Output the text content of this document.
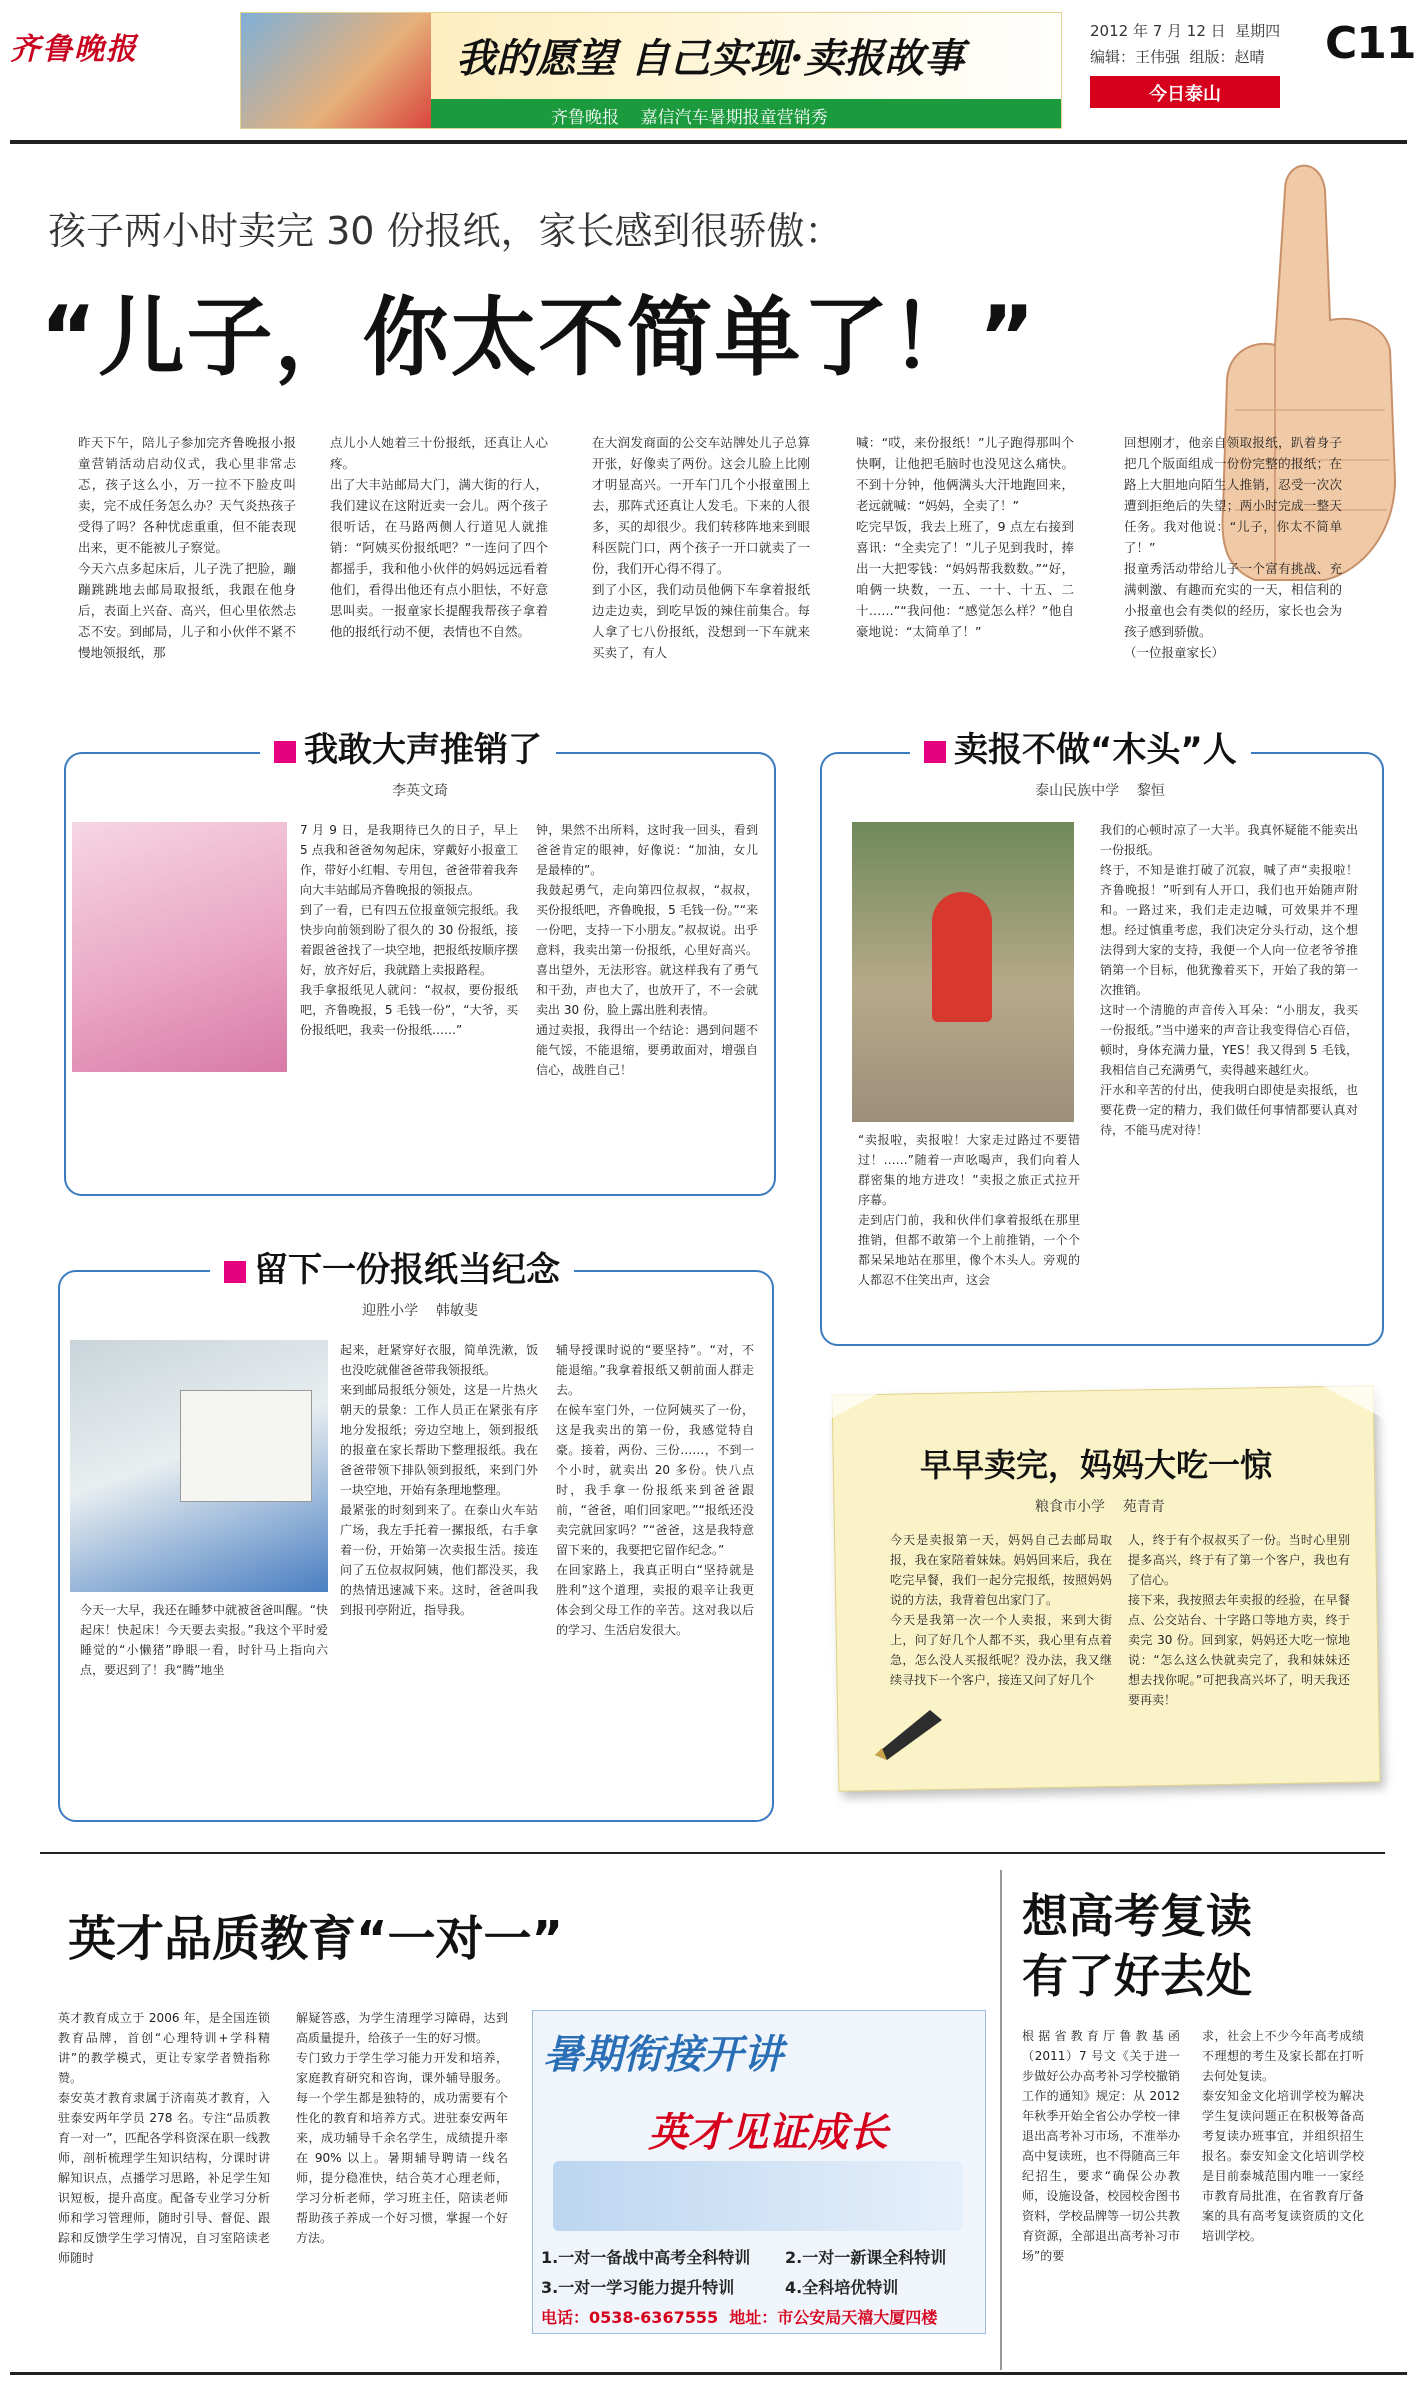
齐鲁晚报	我的愿望 自己实现·卖报故事
齐鲁晚报    嘉信汽车暑期报童营销秀
2012 年 7 月 12 日  星期四
编辑：王伟强  组版：赵晴
今日泰山
C11
孩子两小时卖完 30 份报纸，家长感到很骄傲：
“儿子，你太不简单了！”
昨天下午，陪儿子参加完齐鲁晚报小报童营销活动启动仪式，我心里非常忐忑，孩子这么小，万一拉不下脸皮叫卖，完不成任务怎么办？天气炎热孩子受得了吗？各种忧虑重重，但不能表现出来，更不能被儿子察觉。
今天六点多起床后，儿子洗了把脸，蹦蹦跳跳地去邮局取报纸，我跟在他身后，表面上兴奋、高兴，但心里依然忐忑不安。到邮局，儿子和小伙伴不紧不慢地领报纸，那
点儿小人她着三十份报纸，还真让人心疼。
出了大丰站邮局大门，满大街的行人，我们建议在这附近卖一会儿。两个孩子很听话，在马路两侧人行道见人就推销：“阿姨买份报纸吧？”一连问了四个都摇手，我和他小伙伴的妈妈远远看着他们，看得出他还有点小胆怯，不好意思叫卖。一报童家长提醒我帮孩子拿着他的报纸行动不便，表情也不自然。
在大润发商面的公交车站牌处儿子总算开张，好像卖了两份。这会儿脸上比刚才明显高兴。一开车门几个小报童围上去，那阵式还真让人发毛。下来的人很多，买的却很少。我们转移阵地来到眼科医院门口，两个孩子一开口就卖了一份，我们开心得不得了。
到了小区，我们动员他俩下车拿着报纸边走边卖，到吃早饭的辣住前集合。每人拿了七八份报纸，没想到一下车就来买卖了，有人
喊：“哎，来份报纸！”儿子跑得那叫个快啊，让他把毛脑时也没见这么痛快。不到十分钟，他俩满头大汗地跑回来，老远就喊：“妈妈，全卖了！”
吃完早饭，我去上班了，9 点左右接到喜讯：“全卖完了！”儿子见到我时，捧出一大把零钱：“妈妈帮我数数。”“好，咱俩一块数，一五、一十、十五、二十……”“我问他：“感觉怎么样？”他自豪地说：“太简单了！”
回想刚才，他亲自领取报纸，趴着身子把几个版面组成一份份完整的报纸；在路上大胆地向陌生人推销，忍受一次次遭到拒绝后的失望；两小时完成一整天任务。我对他说：“儿子，你太不简单了！”
报童秀活动带给儿子一个富有挑战、充满刺激、有趣而充实的一天，相信利的小报童也会有类似的经历，家长也会为孩子感到骄傲。
（一位报童家长）
我敢大声推销了
李英文琦
7 月 9 日，是我期待已久的日子，早上 5 点我和爸爸匆匆起床，穿戴好小报童工作，带好小红帽、专用包，爸爸带着我奔向大丰站邮局齐鲁晚报的领报点。
到了一看，已有四五位报童领完报纸。我快步向前领到盼了很久的 30 份报纸，接着跟爸爸找了一块空地，把报纸按顺序摆好，放齐好后，我就踏上卖报路程。
我手拿报纸见人就问：“叔叔，要份报纸吧，齐鲁晚报，5 毛钱一份”，“大爷，买份报纸吧，我卖一份报纸……”
钟，果然不出所料，这时我一回头，看到爸爸肯定的眼神，好像说：“加油，女儿是最棒的”。
我鼓起勇气，走向第四位叔叔，“叔叔，买份报纸吧，齐鲁晚报，5 毛钱一份。”“来一份吧，支持一下小朋友。”叔叔说。出乎意料，我卖出第一份报纸，心里好高兴。喜出望外，无法形容。就这样我有了勇气和干劲，声也大了，也放开了，不一会就卖出 30 份，脸上露出胜利表情。
通过卖报，我得出一个结论：遇到问题不能气馁，不能退缩，要勇敢面对，增强自信心，战胜自己！
卖报不做“木头”人
泰山民族中学    黎恒
“卖报啦，卖报啦！大家走过路过不要错过！……”随着一声吆喝声，我们向着人群密集的地方进攻！”卖报之旅正式拉开序幕。
走到店门前，我和伙伴们拿着报纸在那里推销，但都不敢第一个上前推销，一个个都呆呆地站在那里，像个木头人。旁观的人都忍不住笑出声，这会
我们的心顿时凉了一大半。我真怀疑能不能卖出一份报纸。
终于，不知是谁打破了沉寂，喊了声“卖报啦！齐鲁晚报！”听到有人开口，我们也开始随声附和。一路过来，我们走走边喊，可效果并不理想。经过慎重考虑，我们决定分头行动，这个想法得到大家的支持，我便一个人向一位老爷爷推销第一个目标，他犹豫着买下，开始了我的第一次推销。
这时一个清脆的声音传入耳朵：“小朋友，我买一份报纸。”当中递来的声音让我变得信心百倍，顿时，身体充满力量，YES！我又得到 5 毛钱，我相信自己充满勇气，卖得越来越红火。
汗水和辛苦的付出，使我明白即使是卖报纸，也要花费一定的精力，我们做任何事情都要认真对待，不能马虎对待！
留下一份报纸当纪念
迎胜小学    韩敏斐
今天一大早，我还在睡梦中就被爸爸叫醒。“快起床！快起床！今天要去卖报。”我这个平时爱睡觉的“小懒猪”睁眼一看，时针马上指向六点，要迟到了！我“腾”地坐
起来，赶紧穿好衣服，简单洗漱，饭也没吃就催爸爸带我领报纸。
来到邮局报纸分领处，这是一片热火朝天的景象：工作人员正在紧张有序地分发报纸；旁边空地上，领到报纸的报童在家长帮助下整理报纸。我在爸爸带领下排队领到报纸，来到门外一块空地，开始有条理地整理。
最紧张的时刻到来了。在泰山火车站广场，我左手托着一摞报纸，右手拿着一份，开始第一次卖报生活。接连问了五位叔叔阿姨，他们都没买，我的热情迅速减下来。这时，爸爸叫我到报刊亭附近，指导我。
辅导授课时说的“要坚持”。“对，不能退缩。”我拿着报纸又朝前面人群走去。
在候车室门外，一位阿姨买了一份，这是我卖出的第一份，我感觉特自豪。接着，两份、三份……，不到一个小时，就卖出 20 多份。快八点时，我手拿一份报纸来到爸爸跟前，“爸爸，咱们回家吧。”“报纸还没卖完就回家吗？”“爸爸，这是我特意留下来的，我要把它留作纪念。”
在回家路上，我真正明白“坚持就是胜利”这个道理，卖报的艰辛让我更体会到父母工作的辛苦。这对我以后的学习、生活启发很大。
早早卖完，妈妈大吃一惊
粮食市小学    苑青青
今天是卖报第一天，妈妈自己去邮局取报，我在家陪着妹妹。妈妈回来后，我在吃完早餐，我们一起分完报纸，按照妈妈说的方法，我背着包出家门了。
今天是我第一次一个人卖报，来到大街上，问了好几个人都不买，我心里有点着急，怎么没人买报纸呢？没办法，我又继续寻找下一个客户，接连又问了好几个
人，终于有个叔叔买了一份。当时心里别提多高兴，终于有了第一个客户，我也有了信心。
接下来，我按照去年卖报的经验，在早餐点、公交站台、十字路口等地方卖，终于卖完 30 份。回到家，妈妈还大吃一惊地说：“怎么这么快就卖完了，我和妹妹还想去找你呢。”可把我高兴坏了，明天我还要再卖！
英才品质教育“一对一”
英才教育成立于 2006 年，是全国连锁教育品牌，首创“心理特训+学科精讲”的教学模式，更让专家学者赞指称赞。
泰安英才教育隶属于济南英才教育，入驻泰安两年学员 278 名。专注“品质教育一对一”，匹配各学科资深在职一线教师，剖析梳理学生知识结构，分课时讲解知识点，点播学习思路，补足学生知识短板，提升高度。配备专业学习分析师和学习管理师，随时引导、督促、跟踪和反馈学生学习情况，自习室陪读老师随时
解疑答惑，为学生清理学习障碍，达到高质量提升，给孩子一生的好习惯。
专门致力于学生学习能力开发和培养，家庭教育研究和咨询，课外辅导服务。每一个学生都是独特的，成功需要有个性化的教育和培养方式。进驻泰安两年来，成功辅导千余名学生，成绩提升率在 90% 以上。暑期辅导聘请一线名师，提分稳准快，结合英才心理老师，学习分析老师，学习班主任，陪读老师帮助孩子养成一个好习惯，掌握一个好方法。
暑期衔接开讲
英才见证成长
1.一对一备战中高考全科特训 2.一对一新课全科特训
3.一对一学习能力提升特训	4.全科培优特训
电话：0538-6367555  地址：市公安局天禧大厦四楼
想高考复读
有了好去处
根据省教育厅鲁教基函（2011）7 号文《关于进一步做好公办高考补习学校撤销工作的通知》规定：从 2012 年秋季开始全省公办学校一律退出高考补习市场，不准举办高中复读班，也不得随高三年纪招生，要求“确保公办教师，设施设备，校园校舍图书资料，学校品牌等一切公共教育资源，全部退出高考补习市场”的要
求，社会上不少今年高考成绩不理想的考生及家长都在打听去何处复读。
泰安知金文化培训学校为解决学生复读问题正在积极筹备高考复读办班事宜，并组织招生报名。泰安知金文化培训学校是目前泰城范围内唯一一家经市教育局批准，在省教育厅备案的具有高考复读资质的文化培训学校。
